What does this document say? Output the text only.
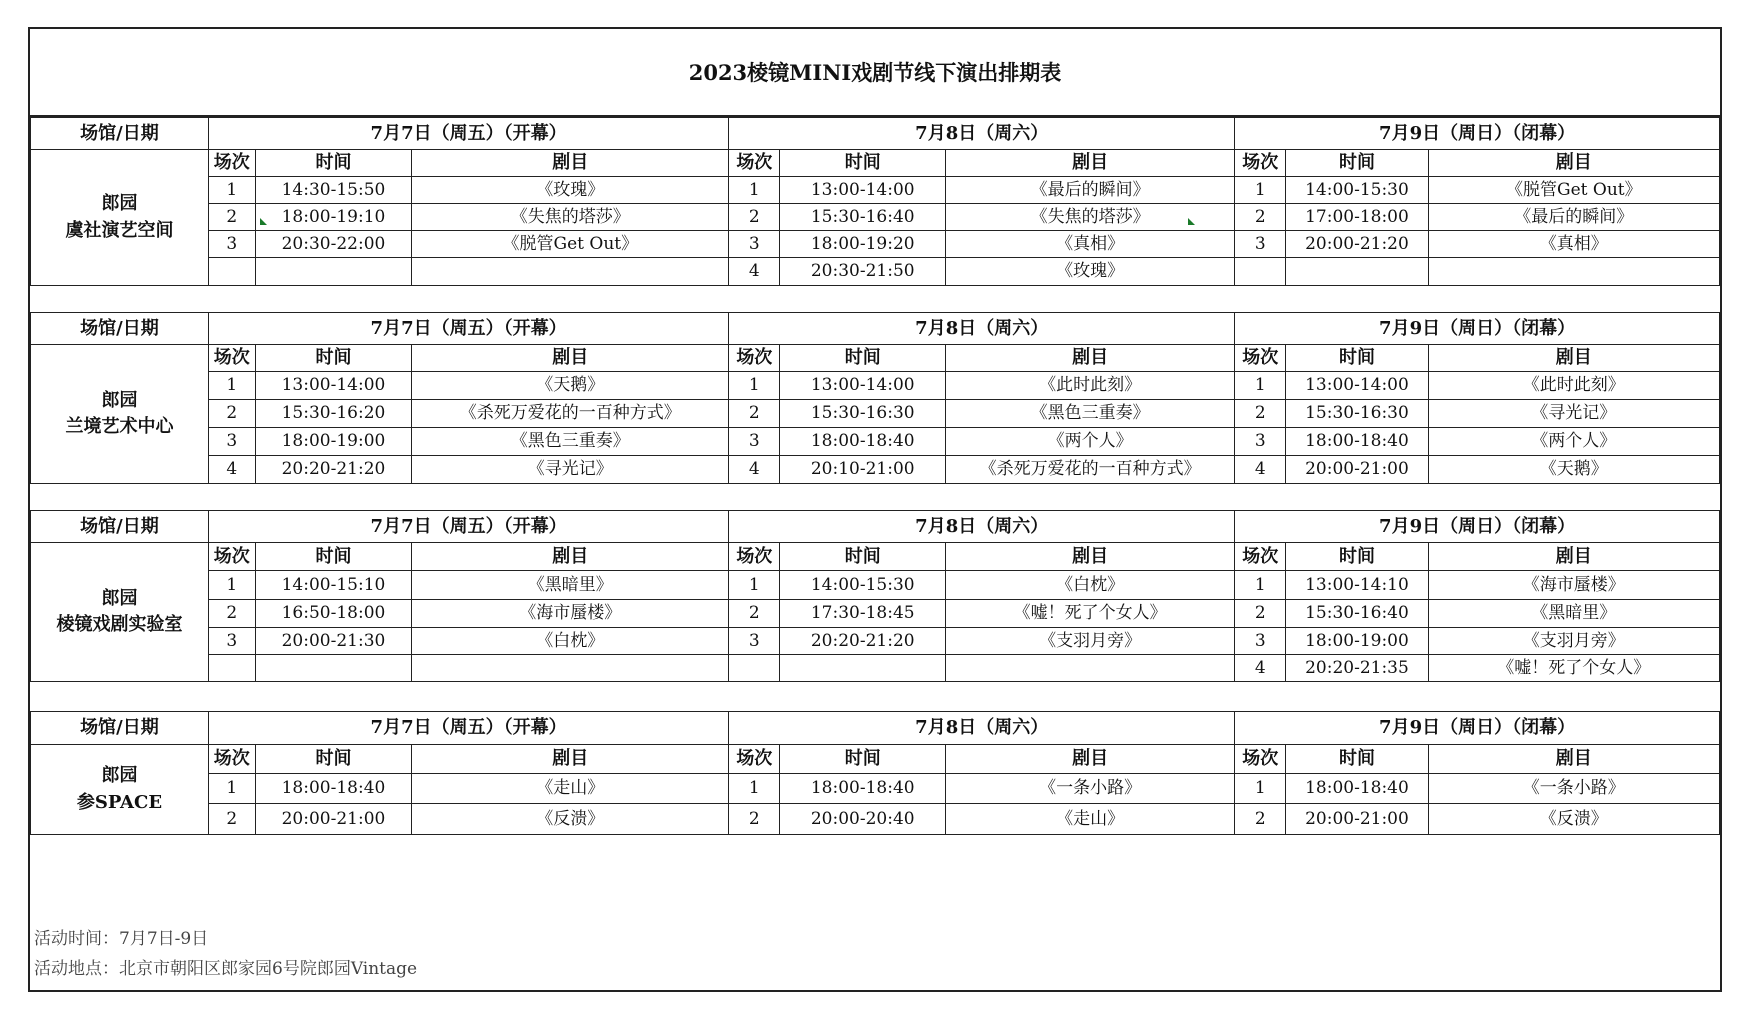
2023棱镜MINI戏剧节线下演出排期表
场馆/日期	7月7日（周五）（开幕）			7月8日（周六）			7月9日（周日）（闭幕）		

郎园
虞社演艺空间	场次	时间	剧目	场次	时间	剧目	场次	时间	剧目
	1	14:30-15:50	《玫瑰》	1	13:00-14:00	《最后的瞬间》	1	14:00-15:30	《脱管Get Out》
	2	18:00-19:10	《失焦的塔莎》	2	15:30-16:40	《失焦的塔莎》	2	17:00-18:00	《最后的瞬间》
	3	20:30-22:00	《脱管Get Out》	3	18:00-19:20	《真相》	3	20:00-21:20	《真相》
				4	20:30-21:50	《玫瑰》			
场馆/日期	7月7日（周五）（开幕）			7月8日（周六）			7月9日（周日）（闭幕）		

郎园
兰境艺术中心	场次	时间	剧目	场次	时间	剧目	场次	时间	剧目
	1	13:00-14:00	《天鹅》	1	13:00-14:00	《此时此刻》	1	13:00-14:00	《此时此刻》
	2	15:30-16:20	《杀死万爱花的一百种方式》	2	15:30-16:30	《黑色三重奏》	2	15:30-16:30	《寻光记》
	3	18:00-19:00	《黑色三重奏》	3	18:00-18:40	《两个人》	3	18:00-18:40	《两个人》
	4	20:20-21:20	《寻光记》	4	20:10-21:00	《杀死万爱花的一百种方式》	4	20:00-21:00	《天鹅》
场馆/日期	7月7日（周五）（开幕）			7月8日（周六）			7月9日（周日）（闭幕）		

郎园
棱镜戏剧实验室	场次	时间	剧目	场次	时间	剧目	场次	时间	剧目
	1	14:00-15:10	《黑暗里》	1	14:00-15:30	《白枕》	1	13:00-14:10	《海市蜃楼》
	2	16:50-18:00	《海市蜃楼》	2	17:30-18:45	《嘘！死了个女人》	2	15:30-16:40	《黑暗里》
	3	20:00-21:30	《白枕》	3	20:20-21:20	《支羽月旁》	3	18:00-19:00	《支羽月旁》
							4	20:20-21:35	《嘘！死了个女人》
场馆/日期	7月7日（周五）（开幕）			7月8日（周六）			7月9日（周日）（闭幕）		

郎园
参SPACE	场次	时间	剧目	场次	时间	剧目	场次	时间	剧目
	1	18:00-18:40	《走山》	1	18:00-18:40	《一条小路》	1	18:00-18:40	《一条小路》
	2	20:00-21:00	《反溃》	2	20:00-20:40	《走山》	2	20:00-21:00	《反溃》
活动时间：7月7日-9日
活动地点：北京市朝阳区郎家园6号院郎园Vintage
